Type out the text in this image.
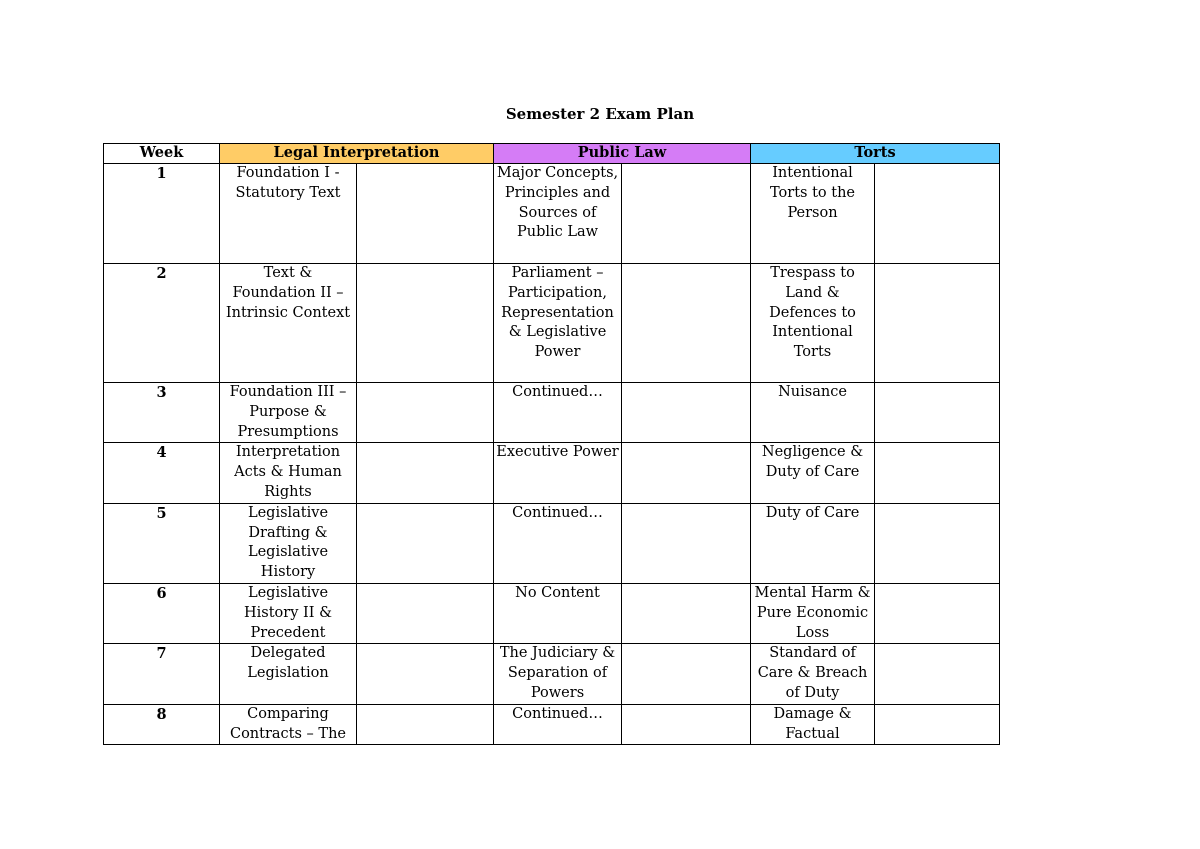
Semester 2 Exam Plan
Week	Legal Interpretation		Public Law		Torts	
1	Foundation I - Statutory Text		Major Concepts, Principles and Sources of Public Law		Intentional Torts to the Person	
2	Text & Foundation II – Intrinsic Context		Parliament – Participation, Representation & Legislative Power		Trespass to Land & Defences to Intentional Torts	
3	Foundation III – Purpose & Presumptions		Continued…		Nuisance	
4	Interpretation Acts & Human Rights		Executive Power		Negligence & Duty of Care	
5	Legislative Drafting & Legislative History		Continued…		Duty of Care	
6	Legislative History II & Precedent		No Content		Mental Harm & Pure Economic Loss	
7	Delegated Legislation		The Judiciary & Separation of Powers		Standard of Care & Breach of Duty	
8	Comparing Contracts – The		Continued…		Damage & Factual	
